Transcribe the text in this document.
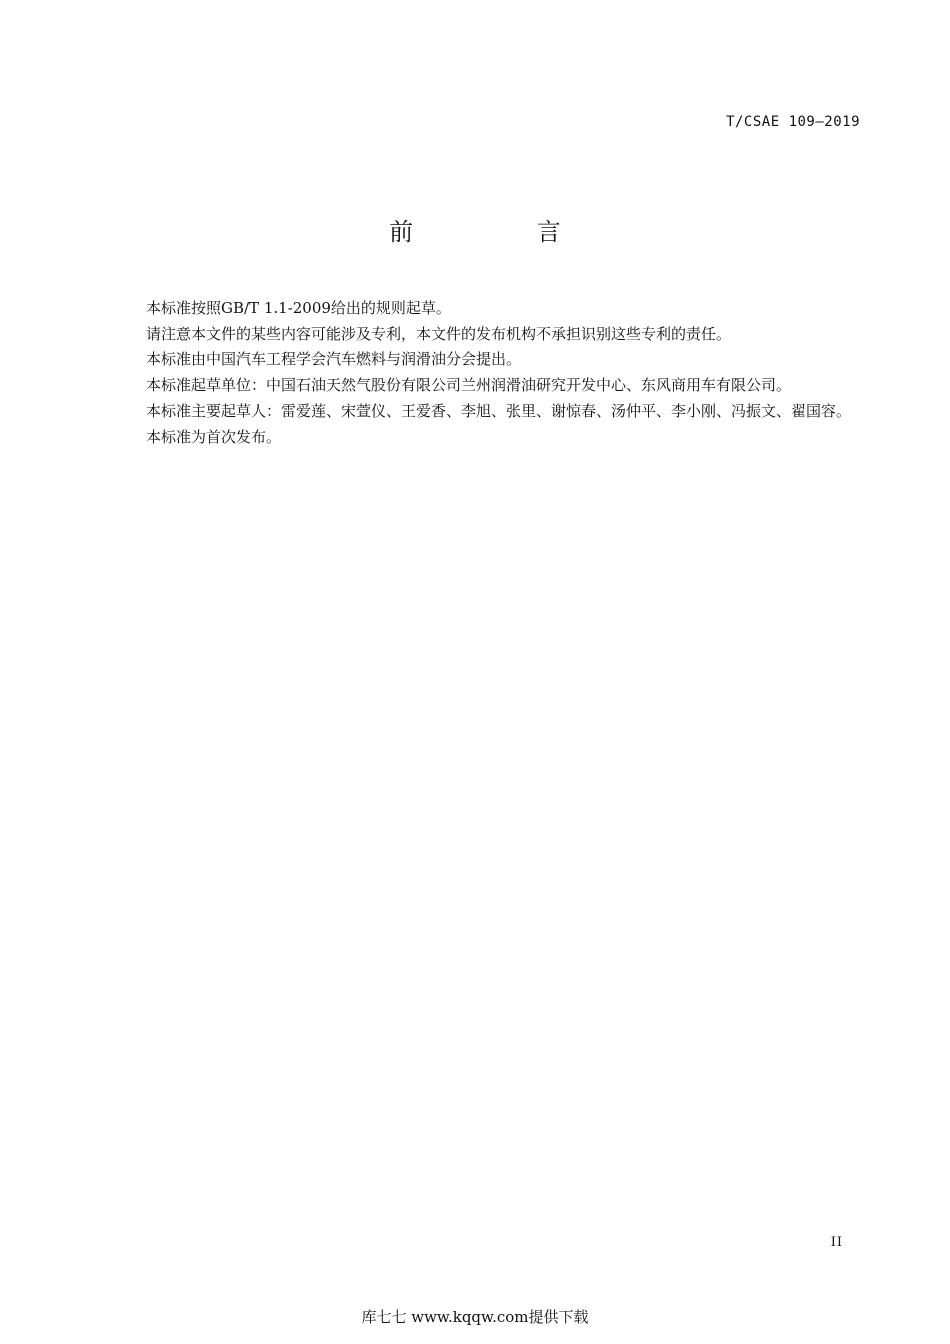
T/CSAE 109—2019
前 言

本标准按照GB/T 1.1-2009给出的规则起草。

请注意本文件的某些内容可能涉及专利，本文件的发布机构不承担识别这些专利的责任。

本标准由中国汽车工程学会汽车燃料与润滑油分会提出。

本标准起草单位：中国石油天然气股份有限公司兰州润滑油研究开发中心、东风商用车有限公司。

本标准主要起草人：雷爱莲、宋萱仪、王爱香、李旭、张里、谢惊春、汤仲平、李小刚、冯振文、翟国容。

本标准为首次发布。

II
库七七 www.kqqw.com提供下载
